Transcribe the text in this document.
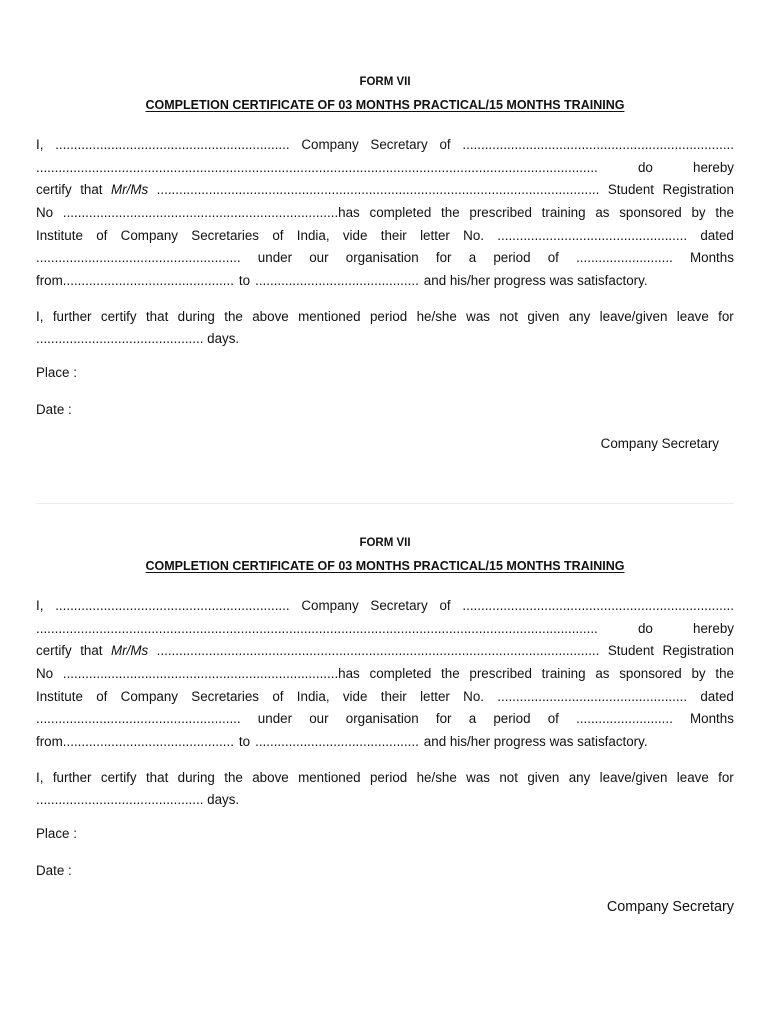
FORM VII
COMPLETION CERTIFICATE OF 03 MONTHS PRACTICAL/15 MONTHS TRAINING
I, ............................................................... Company Secretary of .........................................................................
.......................................................................................................................................................	do	hereby
certify that Mr/Ms ....................................................................................................................... Student Registration
No ..........................................................................has completed the prescribed training as sponsored by the
Institute of Company Secretaries of India, vide their letter No. ................................................... dated
....................................................... under our organisation for a period of .......................... Months
from.............................................. to ............................................ and his/her progress was satisfactory.
I, further certify that during the above mentioned period he/she was not given any leave/given leave for
............................................. days.
Place :
Date :
Company Secretary
FORM VII
COMPLETION CERTIFICATE OF 03 MONTHS PRACTICAL/15 MONTHS TRAINING
I, ............................................................... Company Secretary of .........................................................................
.......................................................................................................................................................	do	hereby
certify that Mr/Ms ....................................................................................................................... Student Registration
No ..........................................................................has completed the prescribed training as sponsored by the
Institute of Company Secretaries of India, vide their letter No. ................................................... dated
....................................................... under our organisation for a period of .......................... Months
from.............................................. to ............................................ and his/her progress was satisfactory.
I, further certify that during the above mentioned period he/she was not given any leave/given leave for
............................................. days.
Place :
Date :
Company Secretary
